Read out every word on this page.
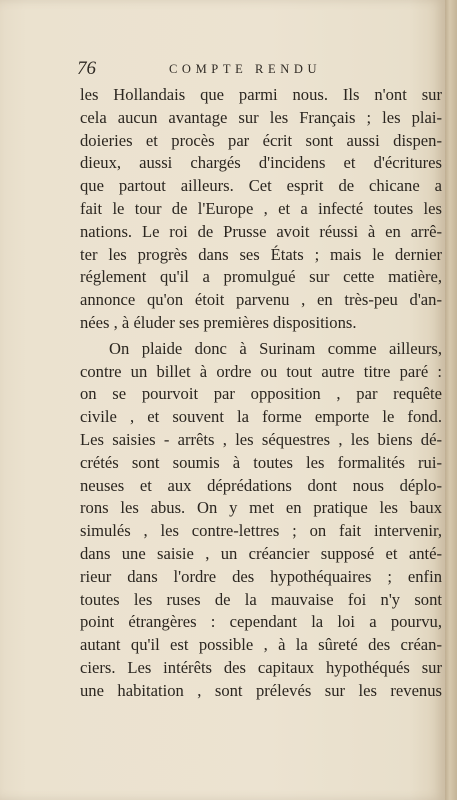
76	COMPTE RENDU
les Hollandais que parmi nous. Ils n'ont sur
cela aucun avantage sur les Français ; les plai-
doieries et procès par écrit sont aussi dispen-
dieux, aussi chargés d'incidens et d'écritures
que partout ailleurs. Cet esprit de chicane a
fait le tour de l'Europe , et a infecté toutes les
nations. Le roi de Prusse avoit réussi à en arrê-
ter les progrès dans ses États ; mais le dernier
réglement qu'il a promulgué sur cette matière,
annonce qu'on étoit parvenu , en très-peu d'an-
nées , à éluder ses premières dispositions.
On plaide donc à Surinam comme ailleurs,
contre un billet à ordre ou tout autre titre paré :
on se pourvoit par opposition , par requête
civile , et souvent la forme emporte le fond.
Les saisies - arrêts , les séquestres , les biens dé-
crétés sont soumis à toutes les formalités rui-
neuses et aux déprédations dont nous déplo-
rons les abus. On y met en pratique les baux
simulés , les contre-lettres ; on fait intervenir,
dans une saisie , un créancier supposé et anté-
rieur dans l'ordre des hypothéquaires ; enfin
toutes les ruses de la mauvaise foi n'y sont
point étrangères : cependant la loi a pourvu,
autant qu'il est possible , à la sûreté des créan-
ciers. Les intérêts des capitaux hypothéqués sur
une habitation , sont prélevés sur les revenus
